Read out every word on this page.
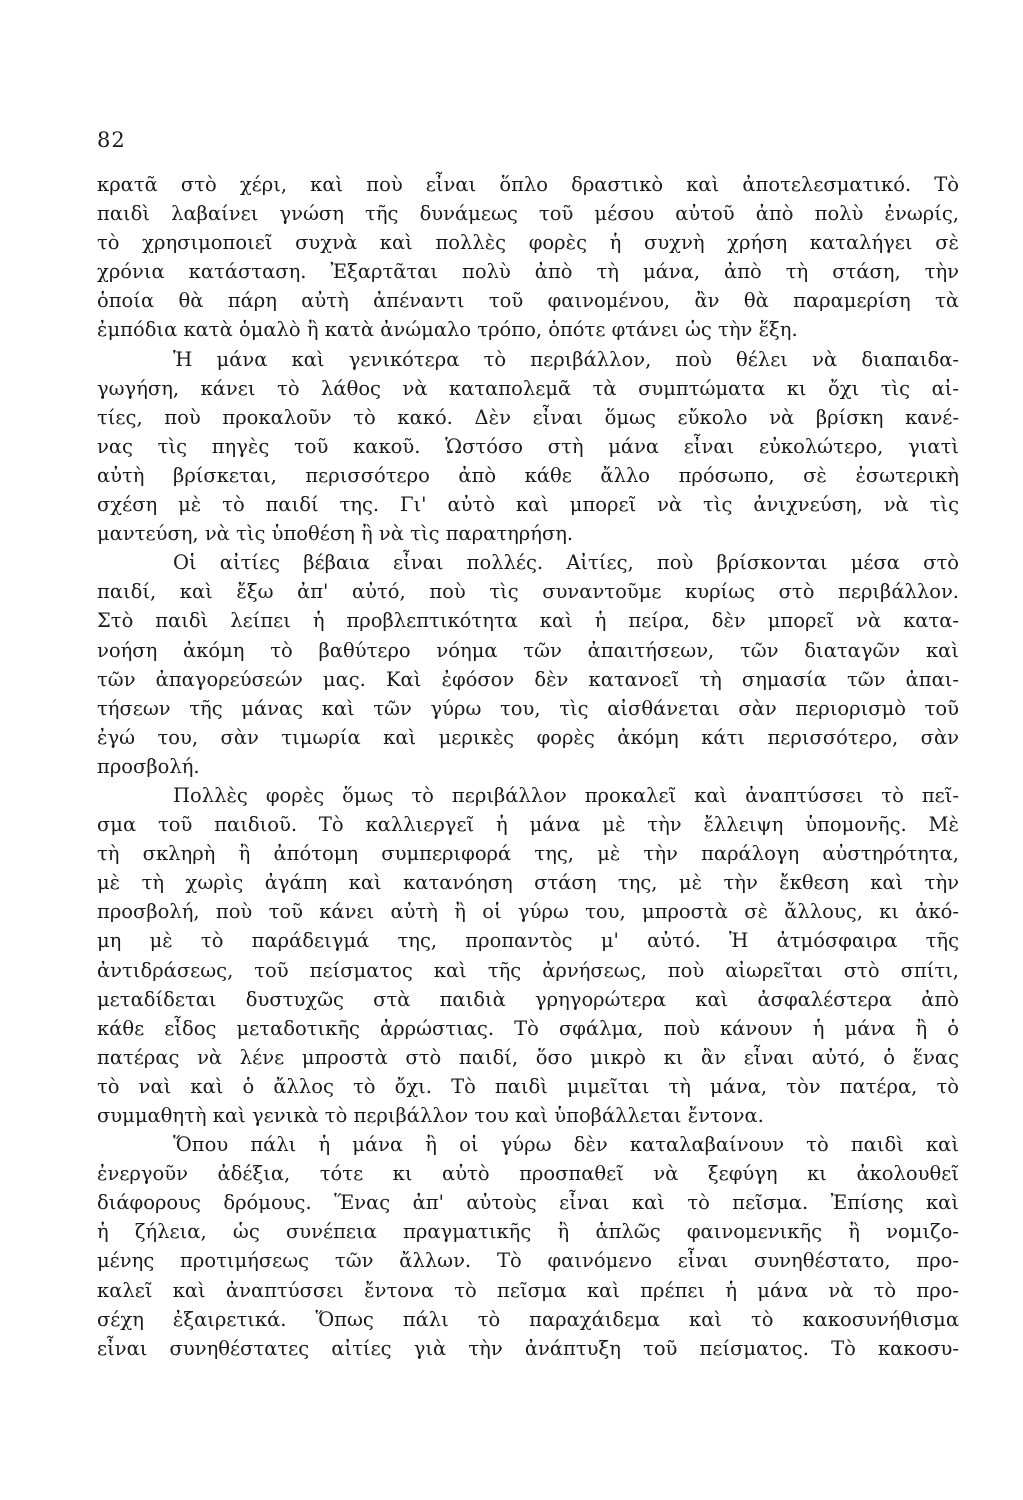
82
κρατᾶ στὸ χέρι, καὶ ποὺ εἶναι ὅπλο δραστικὸ καὶ ἀποτελεσματικό. Τὸ
παιδὶ λαβαίνει γνώση τῆς δυνάμεως τοῦ μέσου αὐτοῦ ἀπὸ πολὺ ἐνωρίς,
τὸ χρησιμοποιεῖ συχνὰ καὶ πολλὲς φορὲς ἡ συχνὴ χρήση καταλήγει σὲ
χρόνια κατάσταση. Ἐξαρτᾶται πολὺ ἀπὸ τὴ μάνα, ἀπὸ τὴ στάση, τὴν
ὁποία θὰ πάρη αὐτὴ ἀπέναντι τοῦ φαινομένου, ἂν θὰ παραμερίση τὰ
ἐμπόδια κατὰ ὁμαλὸ ἢ κατὰ ἀνώμαλο τρόπο, ὁπότε φτάνει ὡς τὴν ἕξη.
Ἡ μάνα καὶ γενικότερα τὸ περιβάλλον, ποὺ θέλει νὰ διαπαιδα-
γωγήση, κάνει τὸ λάθος νὰ καταπολεμᾶ τὰ συμπτώματα κι ὄχι τὶς αἰ-
τίες, ποὺ προκαλοῦν τὸ κακό. Δὲν εἶναι ὅμως εὔκολο νὰ βρίσκη κανέ-
νας τὶς πηγὲς τοῦ κακοῦ. Ὡστόσο στὴ μάνα εἶναι εὐκολώτερο, γιατὶ
αὐτὴ βρίσκεται, περισσότερο ἀπὸ κάθε ἄλλο πρόσωπο, σὲ ἐσωτερικὴ
σχέση μὲ τὸ παιδί της. Γι' αὐτὸ καὶ μπορεῖ νὰ τὶς ἀνιχνεύση, νὰ τὶς
μαντεύση, νὰ τὶς ὑποθέση ἢ νὰ τὶς παρατηρήση.
Οἱ αἰτίες βέβαια εἶναι πολλές. Αἰτίες, ποὺ βρίσκονται μέσα στὸ
παιδί, καὶ ἔξω ἀπ' αὐτό, ποὺ τὶς συναντοῦμε κυρίως στὸ περιβάλλον.
Στὸ παιδὶ λείπει ἡ προβλεπτικότητα καὶ ἡ πείρα, δὲν μπορεῖ νὰ κατα-
νοήση ἀκόμη τὸ βαθύτερο νόημα τῶν ἀπαιτήσεων, τῶν διαταγῶν καὶ
τῶν ἀπαγορεύσεών μας. Καὶ ἐφόσον δὲν κατανοεῖ τὴ σημασία τῶν ἀπαι-
τήσεων τῆς μάνας καὶ τῶν γύρω του, τὶς αἰσθάνεται σὰν περιορισμὸ τοῦ
ἐγώ του, σὰν τιμωρία καὶ μερικὲς φορὲς ἀκόμη κάτι περισσότερο, σὰν
προσβολή.
Πολλὲς φορὲς ὅμως τὸ περιβάλλον προκαλεῖ καὶ ἀναπτύσσει τὸ πεῖ-
σμα τοῦ παιδιοῦ. Τὸ καλλιεργεῖ ἡ μάνα μὲ τὴν ἔλλειψη ὑπομονῆς. Μὲ
τὴ σκληρὴ ἢ ἀπότομη συμπεριφορά της, μὲ τὴν παράλογη αὐστηρότητα,
μὲ τὴ χωρὶς ἀγάπη καὶ κατανόηση στάση της, μὲ τὴν ἔκθεση καὶ τὴν
προσβολή, ποὺ τοῦ κάνει αὐτὴ ἢ οἱ γύρω του, μπροστὰ σὲ ἄλλους, κι ἀκό-
μη μὲ τὸ παράδειγμά της, προπαντὸς μ' αὐτό. Ἡ ἀτμόσφαιρα τῆς
ἀντιδράσεως, τοῦ πείσματος καὶ τῆς ἀρνήσεως, ποὺ αἰωρεῖται στὸ σπίτι,
μεταδίδεται δυστυχῶς στὰ παιδιὰ γρηγορώτερα καὶ ἀσφαλέστερα ἀπὸ
κάθε εἶδος μεταδοτικῆς ἀρρώστιας. Τὸ σφάλμα, ποὺ κάνουν ἡ μάνα ἢ ὁ
πατέρας νὰ λένε μπροστὰ στὸ παιδί, ὅσο μικρὸ κι ἂν εἶναι αὐτό, ὁ ἕνας
τὸ ναὶ καὶ ὁ ἄλλος τὸ ὄχι. Τὸ παιδὶ μιμεῖται τὴ μάνα, τὸν πατέρα, τὸ
συμμαθητὴ καὶ γενικὰ τὸ περιβάλλον του καὶ ὑποβάλλεται ἔντονα.
Ὅπου πάλι ἡ μάνα ἢ οἱ γύρω δὲν καταλαβαίνουν τὸ παιδὶ καὶ
ἐνεργοῦν ἀδέξια, τότε κι αὐτὸ προσπαθεῖ νὰ ξεφύγη κι ἀκολουθεῖ
διάφορους δρόμους. Ἕνας ἀπ' αὐτοὺς εἶναι καὶ τὸ πεῖσμα. Ἐπίσης καὶ
ἡ ζήλεια, ὡς συνέπεια πραγματικῆς ἢ ἁπλῶς φαινομενικῆς ἢ νομιζο-
μένης προτιμήσεως τῶν ἄλλων. Τὸ φαινόμενο εἶναι συνηθέστατο, προ-
καλεῖ καὶ ἀναπτύσσει ἔντονα τὸ πεῖσμα καὶ πρέπει ἡ μάνα νὰ τὸ προ-
σέχη ἐξαιρετικά. Ὅπως πάλι τὸ παραχάιδεμα καὶ τὸ κακοσυνήθισμα
εἶναι συνηθέστατες αἰτίες γιὰ τὴν ἀνάπτυξη τοῦ πείσματος. Τὸ κακοσυ-
